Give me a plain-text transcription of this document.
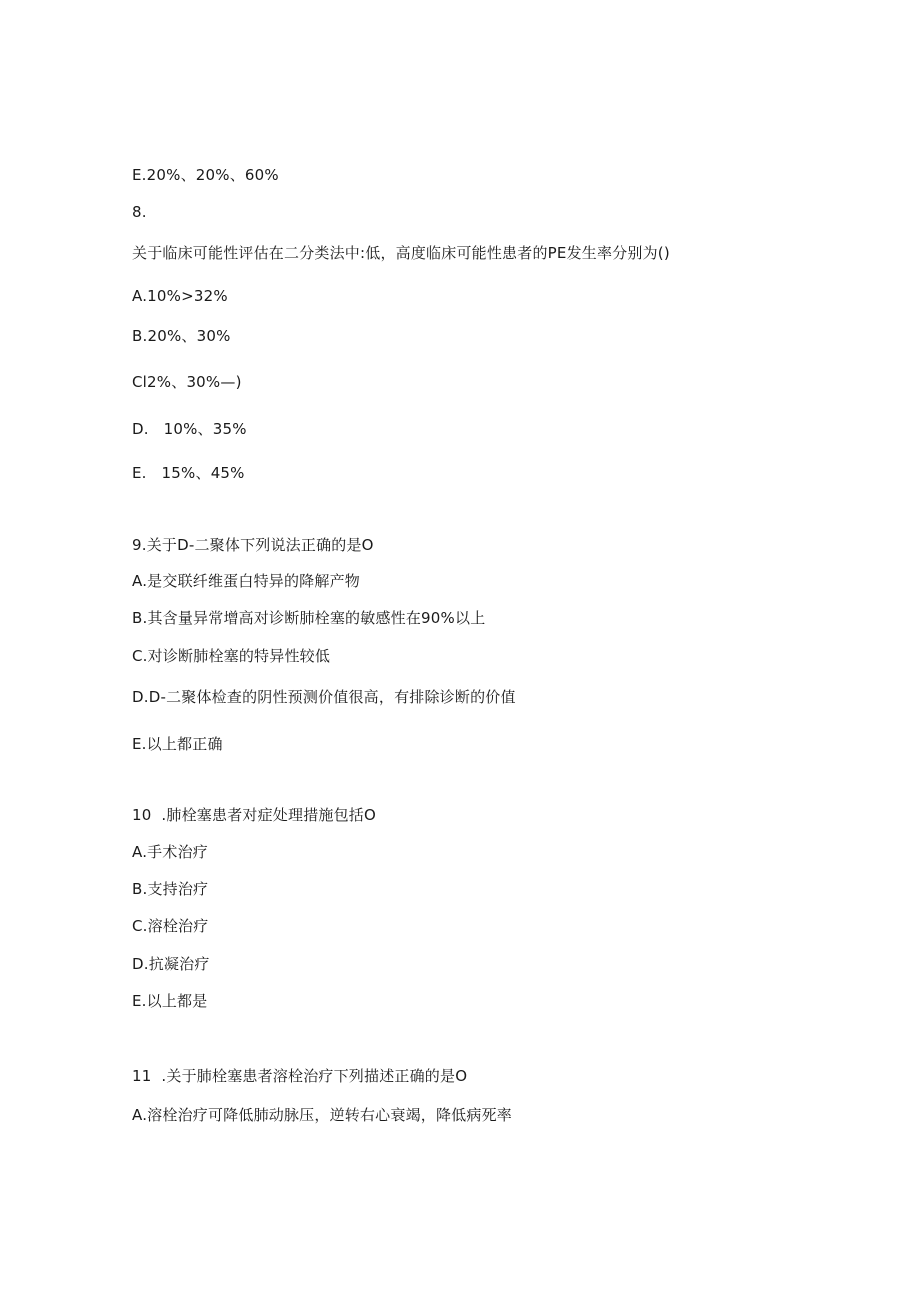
E.20%、20%、60%
8.
关于临床可能性评估在二分类法中:低，高度临床可能性患者的PE发生率分别为()
A.10%>32%
B.20%、30%
Cl2%、30%—)
D.   10%、35%
E.   15%、45%
9.关于D-二聚体下列说法正确的是O
A.是交联纤维蛋白特异的降解产物
B.其含量异常增高对诊断肺栓塞的敏感性在90%以上
C.对诊断肺栓塞的特异性较低
D.D-二聚体检查的阴性预测价值很高，有排除诊断的价值
E.以上都正确
10  .肺栓塞患者对症处理措施包括O
A.手术治疗
B.支持治疗
C.溶栓治疗
D.抗凝治疗
E.以上都是
11  .关于肺栓塞患者溶栓治疗下列描述正确的是O
A.溶栓治疗可降低肺动脉压，逆转右心衰竭，降低病死率
